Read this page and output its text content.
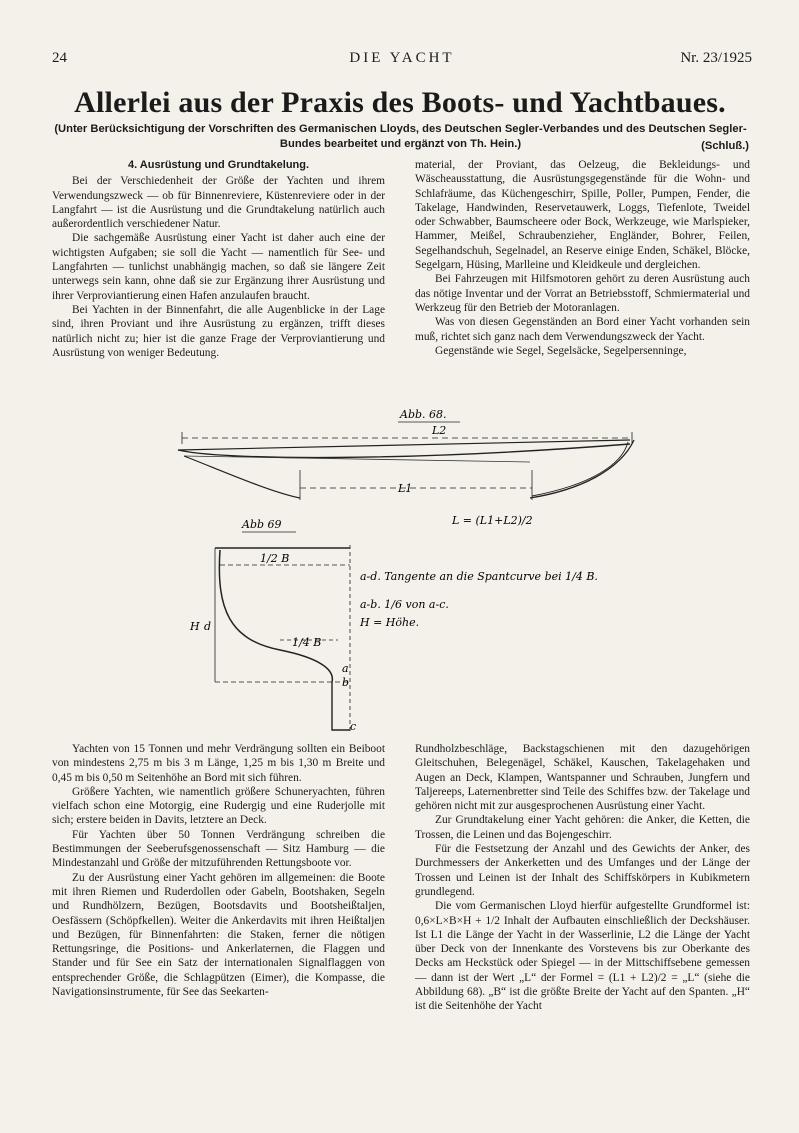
24	DIE YACHT	Nr. 23/1925
Allerlei aus der Praxis des Boots- und Yachtbaues.
(Unter Berücksichtigung der Vorschriften des Germanischen Lloyds, des Deutschen Segler-Verbandes und des Deutschen Segler-Bundes bearbeitet und ergänzt von Th. Hein.)	(Schluß.)
4. Ausrüstung und Grundtakelung.

Bei der Verschiedenheit der Größe der Yachten und ihrem Verwendungszweck — ob für Binnenreviere, Küstenreviere oder in der Langfahrt — ist die Ausrüstung und die Grundtakelung natürlich auch außerordentlich verschiedener Natur.

Die sachgemäße Ausrüstung einer Yacht ist daher auch eine der wichtigsten Aufgaben; sie soll die Yacht — namentlich für See- und Langfahrten — tunlichst unabhängig machen, so daß sie längere Zeit unterwegs sein kann, ohne daß sie zur Ergänzung ihrer Ausrüstung und ihrer Verproviantierung einen Hafen anzulaufen braucht.

Bei Yachten in der Binnenfahrt, die alle Augenblicke in der Lage sind, ihren Proviant und ihre Ausrüstung zu ergänzen, trifft dieses natürlich nicht zu; hier ist die ganze Frage der Verproviantierung und Ausrüstung von weniger Bedeutung.

material, der Proviant, das Oelzeug, die Bekleidungs- und Wäscheausstattung, die Ausrüstungsgegenstände für die Wohn- und Schlafräume, das Küchengeschirr, Spille, Poller, Pumpen, Fender, die Takelage, Handwinden, Reservetauwerk, Loggs, Tiefenlote, Tweidel oder Schwabber, Baumscheere oder Bock, Werkzeuge, wie Marlspieker, Hammer, Meißel, Schraubenzieher, Engländer, Bohrer, Feilen, Segelhandschuh, Segelnadel, an Reserve einige Enden, Schäkel, Blöcke, Segelgarn, Hüsing, Marlleine und Kleidkeule und dergleichen.

Bei Fahrzeugen mit Hilfsmotoren gehört zu deren Ausrüstung auch das nötige Inventar und der Vorrat an Betriebsstoff, Schmiermaterial und Werkzeug für den Betrieb der Motoranlagen.

Was von diesen Gegenständen an Bord einer Yacht vorhanden sein muß, richtet sich ganz nach dem Verwendungszweck der Yacht.

Gegenstände wie Segel, Segelsäcke, Segelpersenninge,

Abb. 68.
L2
L1
L = (L1+L2)/2
Abb 69
1/2 B
1/4 B
H d
a
b
c
a-d. Tangente an die Spantcurve bei 1/4 B.
a-b. 1/6 von a-c.
H = Höhe.

Yachten von 15 Tonnen und mehr Verdrängung sollten ein Beiboot von mindestens 2,75 m bis 3 m Länge, 1,25 m bis 1,30 m Breite und 0,45 m bis 0,50 m Seitenhöhe an Bord mit sich führen.

Größere Yachten, wie namentlich größere Schuneryachten, führen vielfach schon eine Motorgig, eine Rudergig und eine Ruderjolle mit sich; erstere beiden in Davits, letztere an Deck.

Für Yachten über 50 Tonnen Verdrängung schreiben die Bestimmungen der Seeberufsgenossenschaft — Sitz Hamburg — die Mindestanzahl und Größe der mitzuführenden Rettungsboote vor.

Zu der Ausrüstung einer Yacht gehören im allgemeinen: die Boote mit ihren Riemen und Ruderdollen oder Gabeln, Bootshaken, Segeln und Rundhölzern, Bezügen, Bootsdavits und Bootsheißtaljen, Oesfässern (Schöpfkellen). Weiter die Ankerdavits mit ihren Heißtaljen und Bezügen, für Binnenfahrten: die Staken, ferner die nötigen Rettungsringe, die Positions- und Ankerlaternen, die Flaggen und Stander und für See ein Satz der internationalen Signalflaggen von entsprechender Größe, die Schlagpützen (Eimer), die Kompasse, die Navigationsinstrumente, für See das Seekarten-

Rundholzbeschläge, Backstagschienen mit den dazugehörigen Gleitschuhen, Belegenägel, Schäkel, Kauschen, Takelagehaken und Augen an Deck, Klampen, Wantspanner und Schrauben, Jungfern und Taljereeps, Laternenbretter sind Teile des Schiffes bzw. der Takelage und gehören nicht mit zur ausgesprochenen Ausrüstung einer Yacht.

Zur Grundtakelung einer Yacht gehören: die Anker, die Ketten, die Trossen, die Leinen und das Bojengeschirr.

Für die Festsetzung der Anzahl und des Gewichts der Anker, des Durchmessers der Ankerketten und des Umfanges und der Länge der Trossen und Leinen ist der Inhalt des Schiffskörpers in Kubikmetern grundlegend.

Die vom Germanischen Lloyd hierfür aufgestellte Grundformel ist: 0,6×L×B×H + 1/2 Inhalt der Aufbauten einschließlich der Deckshäuser. Ist L1 die Länge der Yacht in der Wasserlinie, L2 die Länge der Yacht über Deck von der Innenkante des Vorstevens bis zur Oberkante des Decks am Heckstück oder Spiegel — in der Mittschiffsebene gemessen — dann ist der Wert „L“ der Formel = (L1 + L2)/2 = „L“ (siehe die Abbildung 68). „B“ ist die größte Breite der Yacht auf den Spanten. „H“ ist die Seitenhöhe der Yacht
